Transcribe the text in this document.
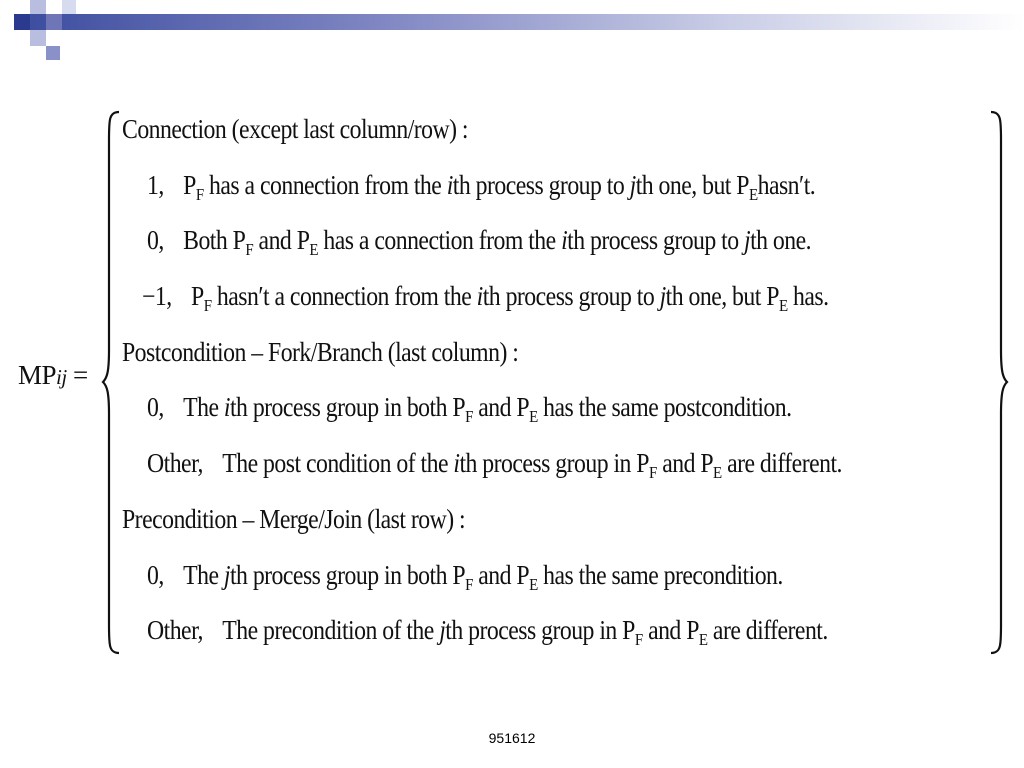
MPij =
Connection (except last column/row) :
1, $P_F$ has a connection from the ith process group to jth one, but $P_Ehasn't$.
0, Both $P_F$ and $P_E$ has a connection from the ith process group to jth one.
−1, $P_F$ hasn′t a connection from the ith process group to jth one, but $P_E$ has.
Postcondition – Fork/Branch (last column) :
0, The ith process group in both $P_F$ and $P_E$ has the same postcondition.
Other, The post condition of the ith process group in $P_F$ and $P_E$ are different.
Precondition – Merge/Join (last row) :
0, The jth process group in both $P_F$ and $P_E$ has the same precondition.
Other, The precondition of the jth process group in $P_F$ and $P_E$ are different.
951612
